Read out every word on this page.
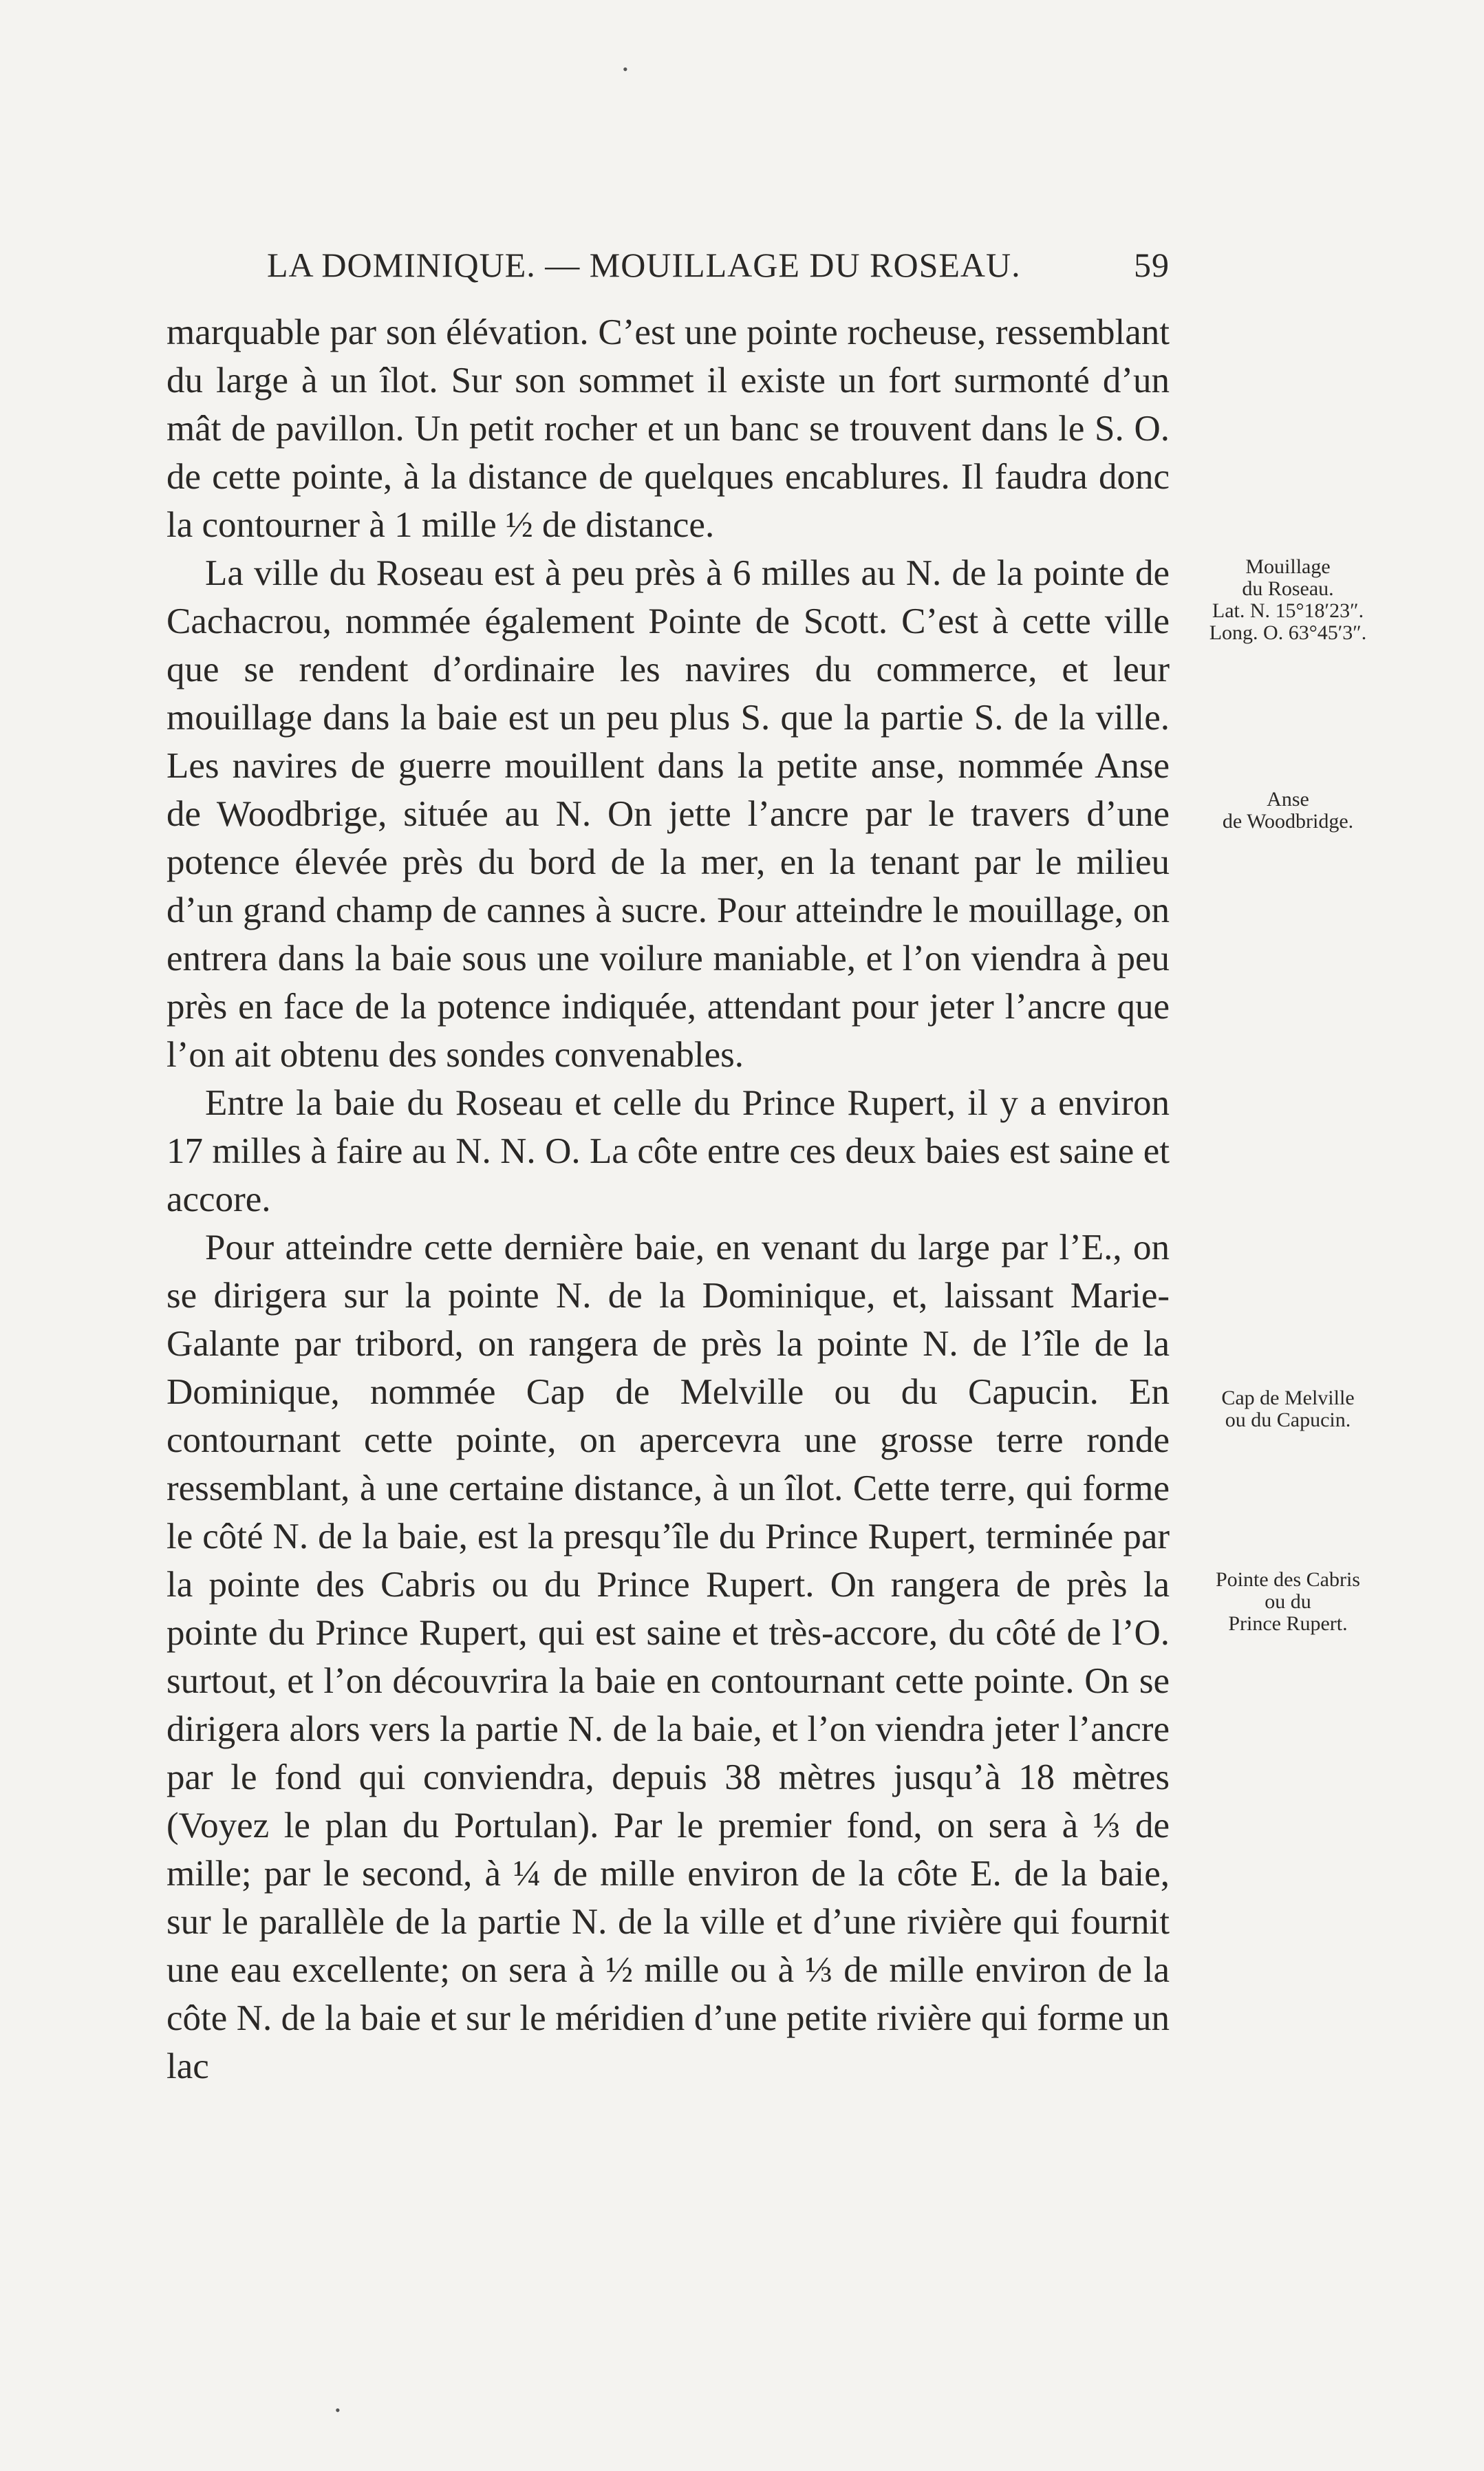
•
LA DOMINIQUE. — MOUILLAGE DU ROSEAU.	59

marquable par son élévation. C’est une pointe rocheuse, ressemblant du large à un îlot. Sur son sommet il existe un fort surmonté d’un mât de pavillon. Un petit rocher et un banc se trouvent dans le S. O. de cette pointe, à la distance de quelques encablures. Il faudra donc la contourner à 1 mille ½ de distance.

La ville du Roseau est à peu près à 6 milles au N. de la pointe de Cachacrou, nommée également Pointe de Scott. C’est à cette ville que se rendent d’ordinaire les navires du commerce, et leur mouillage dans la baie est un peu plus S. que la partie S. de la ville. Les navires de guerre mouillent dans la petite anse, nommée Anse de Woodbrige, située au N. On jette l’ancre par le travers d’une potence élevée près du bord de la mer, en la tenant par le milieu d’un grand champ de cannes à sucre. Pour atteindre le mouillage, on entrera dans la baie sous une voilure maniable, et l’on viendra à peu près en face de la potence indiquée, attendant pour jeter l’ancre que l’on ait obtenu des sondes convenables.

Entre la baie du Roseau et celle du Prince Rupert, il y a environ 17 milles à faire au N. N. O. La côte entre ces deux baies est saine et accore.

Pour atteindre cette dernière baie, en venant du large par l’E., on se dirigera sur la pointe N. de la Dominique, et, laissant Marie-Galante par tribord, on rangera de près la pointe N. de l’île de la Dominique, nommée Cap de Melville ou du Capucin. En contournant cette pointe, on apercevra une grosse terre ronde ressemblant, à une certaine distance, à un îlot. Cette terre, qui forme le côté N. de la baie, est la presqu’île du Prince Rupert, terminée par la pointe des Cabris ou du Prince Rupert. On rangera de près la pointe du Prince Rupert, qui est saine et très-accore, du côté de l’O. surtout, et l’on découvrira la baie en contournant cette pointe. On se dirigera alors vers la partie N. de la baie, et l’on viendra jeter l’ancre par le fond qui conviendra, depuis 38 mètres jusqu’à 18 mètres (Voyez le plan du Portulan). Par le premier fond, on sera à ⅓ de mille; par le second, à ¼ de mille environ de la côte E. de la baie, sur le parallèle de la partie N. de la ville et d’une rivière qui fournit une eau excellente; on sera à ½ mille ou à ⅓ de mille environ de la côte N. de la baie et sur le méridien d’une petite rivière qui forme un lac

Mouillage
du Roseau.
Lat. N. 15°18′23″.
Long. O. 63°45′3″.
Anse
de Woodbridge.
Cap de Melville
ou du Capucin.
Pointe des Cabris
ou du
Prince Rupert.
•
